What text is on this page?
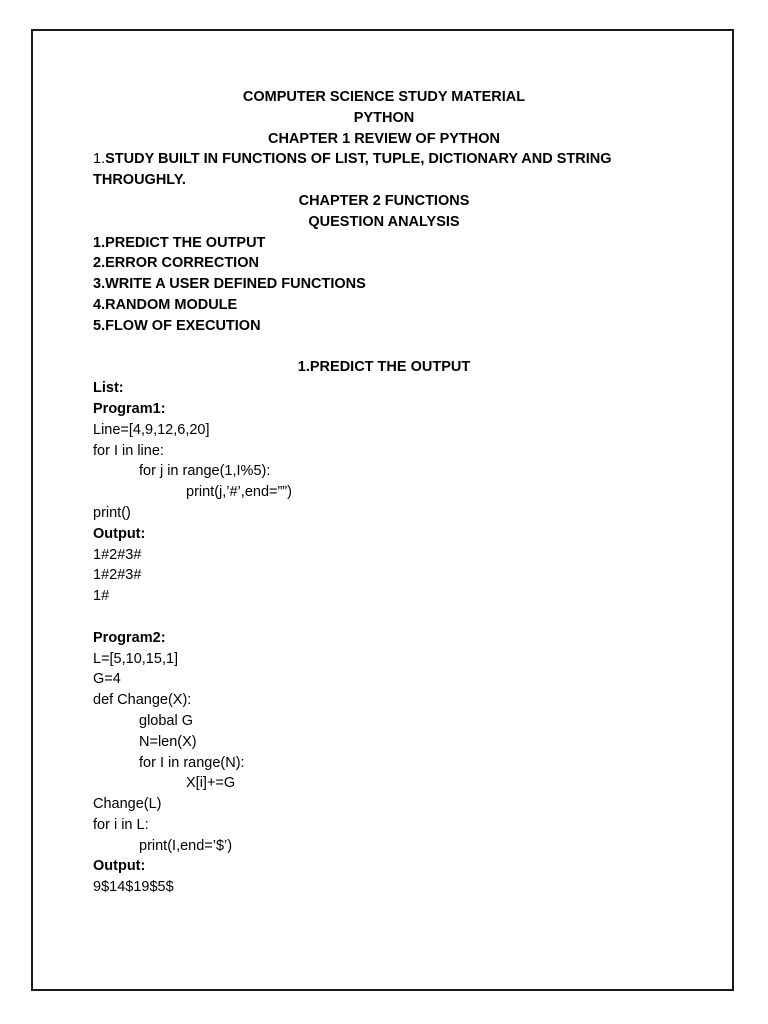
COMPUTER SCIENCE STUDY MATERIAL
PYTHON
CHAPTER 1 REVIEW OF PYTHON
1.STUDY BUILT IN FUNCTIONS OF LIST, TUPLE, DICTIONARY AND STRING
THROUGHLY.
CHAPTER 2 FUNCTIONS
QUESTION ANALYSIS
1.PREDICT THE OUTPUT
2.ERROR CORRECTION
3.WRITE A USER DEFINED FUNCTIONS
4.RANDOM MODULE
5.FLOW OF EXECUTION
1.PREDICT THE OUTPUT
List:
Program1:
Line=[4,9,12,6,20]
for I in line:
for j in range(1,I%5):
print(j,’#’,end=””)
print()
Output:
1#2#3#
1#2#3#
1#
Program2:
L=[5,10,15,1]
G=4
def Change(X):
global G
N=len(X)
for I in range(N):
X[i]+=G
Change(L)
for i in L:
print(I,end=’$’)
Output:
9$14$19$5$
